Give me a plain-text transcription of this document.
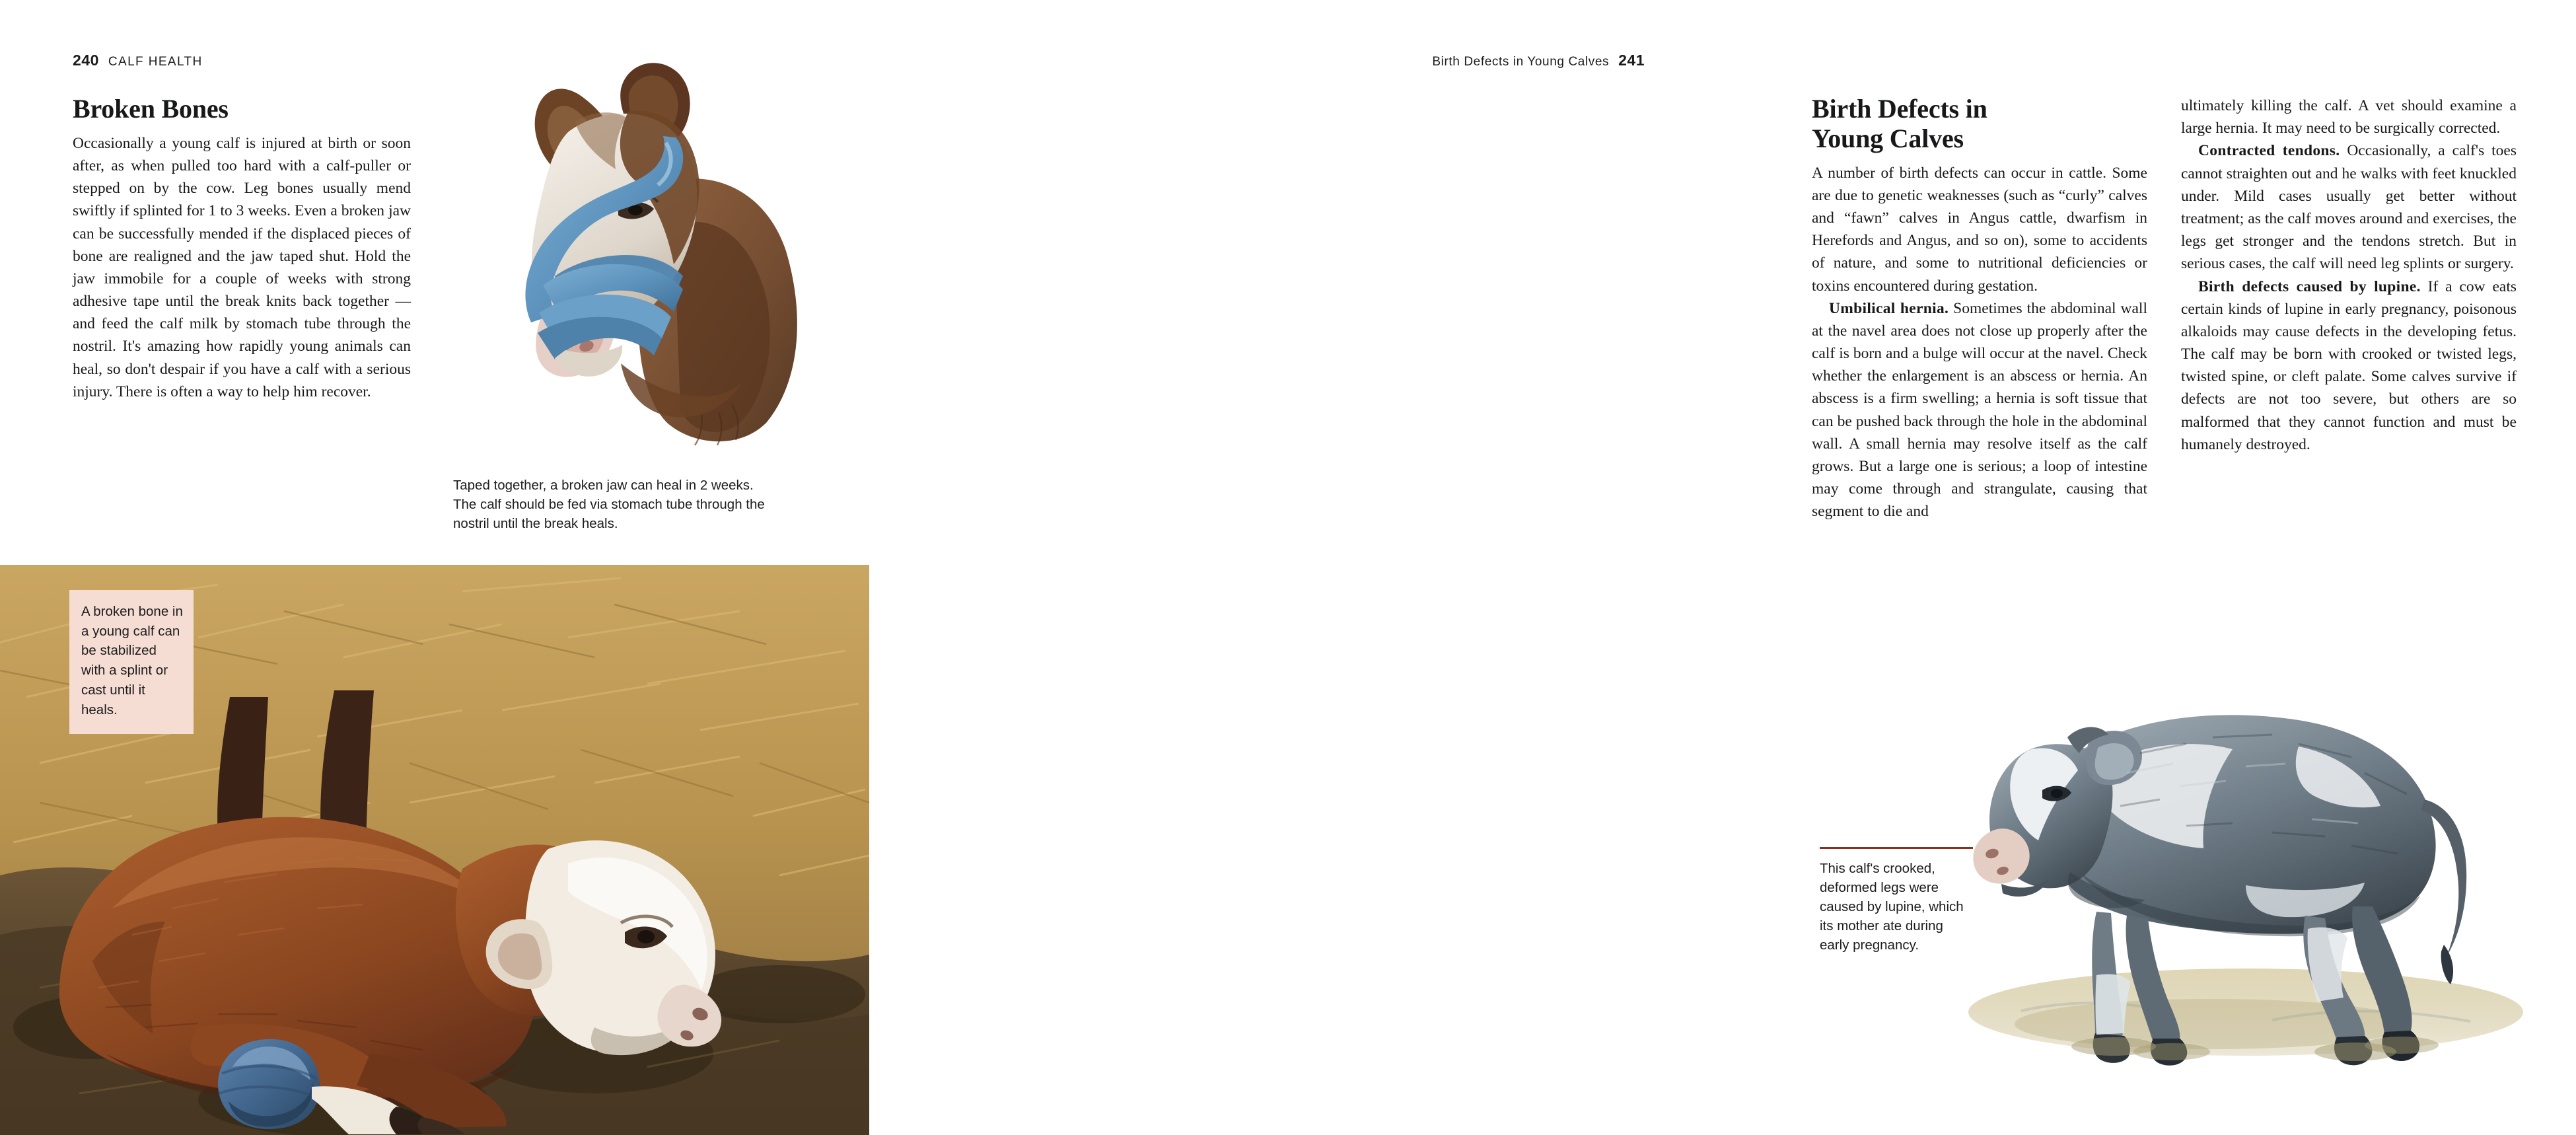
240 CALF HEALTH
Broken Bones

Occasionally a young calf is injured at birth or soon after, as when pulled too hard with a calf-puller or stepped on by the cow. Leg bones usually mend swiftly if splinted for 1 to 3 weeks. Even a broken jaw can be successfully mended if the displaced pieces of bone are realigned and the jaw taped shut. Hold the jaw immobile for a couple of weeks with strong adhesive tape until the break knits back together — and feed the calf milk by stomach tube through the nostril. It's amazing how rapidly young animals can heal, so don't despair if you have a calf with a serious injury. There is often a way to help him recover.

Taped together, a broken jaw can heal in 2 weeks. The calf should be fed via stomach tube through the nostril until the break heals.
A broken bone in a young calf can be stabilized with a splint or cast until it heals.
Birth Defects in Young Calves 241
Birth Defects in
Young Calves

A number of birth defects can occur in cattle. Some are due to genetic weaknesses (such as “curly” calves and “fawn” calves in Angus cattle, dwarfism in Herefords and Angus, and so on), some to accidents of nature, and some to nutritional deficiencies or toxins encountered during gestation.

Umbilical hernia. Sometimes the abdominal wall at the navel area does not close up properly after the calf is born and a bulge will occur at the navel. Check whether the enlargement is an abscess or hernia. An abscess is a firm swelling; a hernia is soft tissue that can be pushed back through the hole in the abdominal wall. A small hernia may resolve itself as the calf grows. But a large one is serious; a loop of intestine may come through and strangulate, causing that segment to die and

ultimately killing the calf. A vet should examine a large hernia. It may need to be surgically corrected.

Contracted tendons. Occasionally, a calf's toes cannot straighten out and he walks with feet knuckled under. Mild cases usually get better without treatment; as the calf moves around and exercises, the legs get stronger and the tendons stretch. But in serious cases, the calf will need leg splints or surgery.

Birth defects caused by lupine. If a cow eats certain kinds of lupine in early pregnancy, poisonous alkaloids may cause defects in the developing fetus. The calf may be born with crooked or twisted legs, twisted spine, or cleft palate. Some calves survive if defects are not too severe, but others are so malformed that they cannot function and must be humanely destroyed.

This calf's crooked, deformed legs were caused by lupine, which its mother ate during early pregnancy.
